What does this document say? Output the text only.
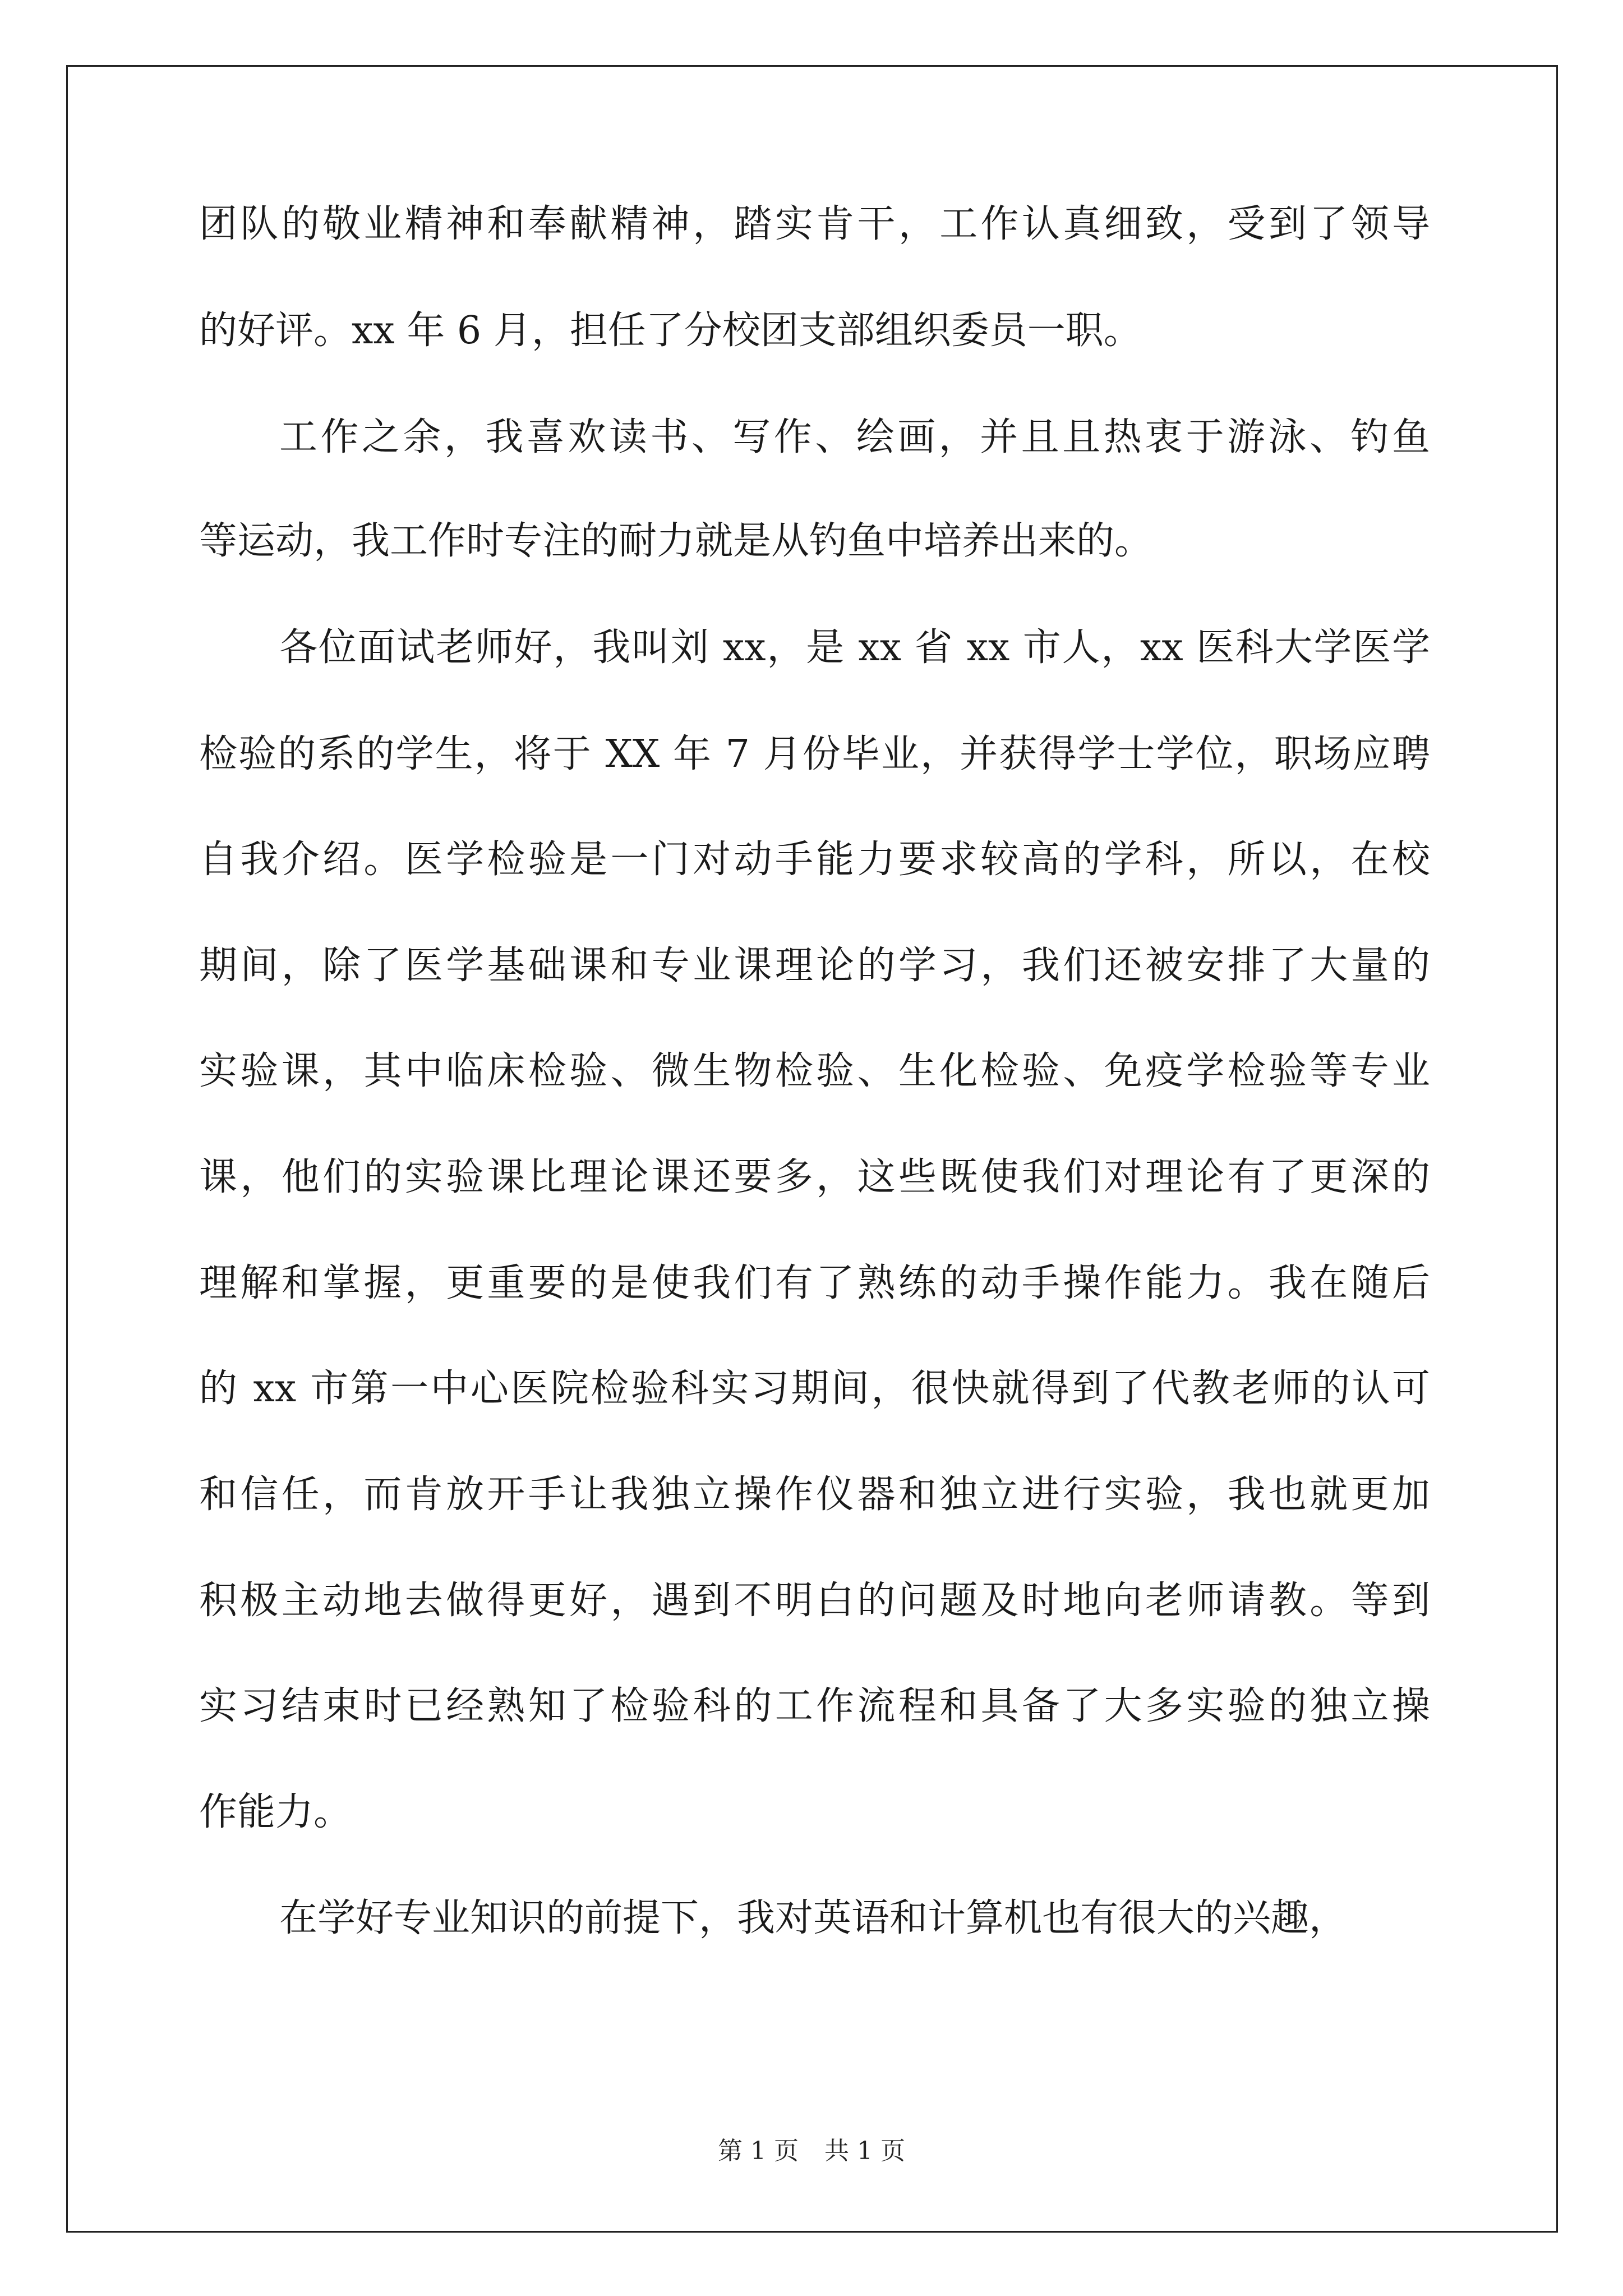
团队的敬业精神和奉献精神，踏实肯干，工作认真细致，受到了领导
的好评。xx 年 6 月，担任了分校团支部组织委员一职。
工作之余，我喜欢读书、写作、绘画，并且且热衷于游泳、钓鱼
等运动，我工作时专注的耐力就是从钓鱼中培养出来的。
各位面试老师好，我叫刘 xx，是 xx 省 xx 市人，xx 医科大学医学
检验的系的学生，将于 XX 年 7 月份毕业，并获得学士学位，职场应聘
自我介绍。医学检验是一门对动手能力要求较高的学科，所以，在校
期间，除了医学基础课和专业课理论的学习，我们还被安排了大量的
实验课，其中临床检验、微生物检验、生化检验、免疫学检验等专业
课，他们的实验课比理论课还要多，这些既使我们对理论有了更深的
理解和掌握，更重要的是使我们有了熟练的动手操作能力。我在随后
的 xx 市第一中心医院检验科实习期间，很快就得到了代教老师的认可
和信任，而肯放开手让我独立操作仪器和独立进行实验，我也就更加
积极主动地去做得更好，遇到不明白的问题及时地向老师请教。等到
实习结束时已经熟知了检验科的工作流程和具备了大多实验的独立操
作能力。
在学好专业知识的前提下，我对英语和计算机也有很大的兴趣，
第 1 页 共 1 页
